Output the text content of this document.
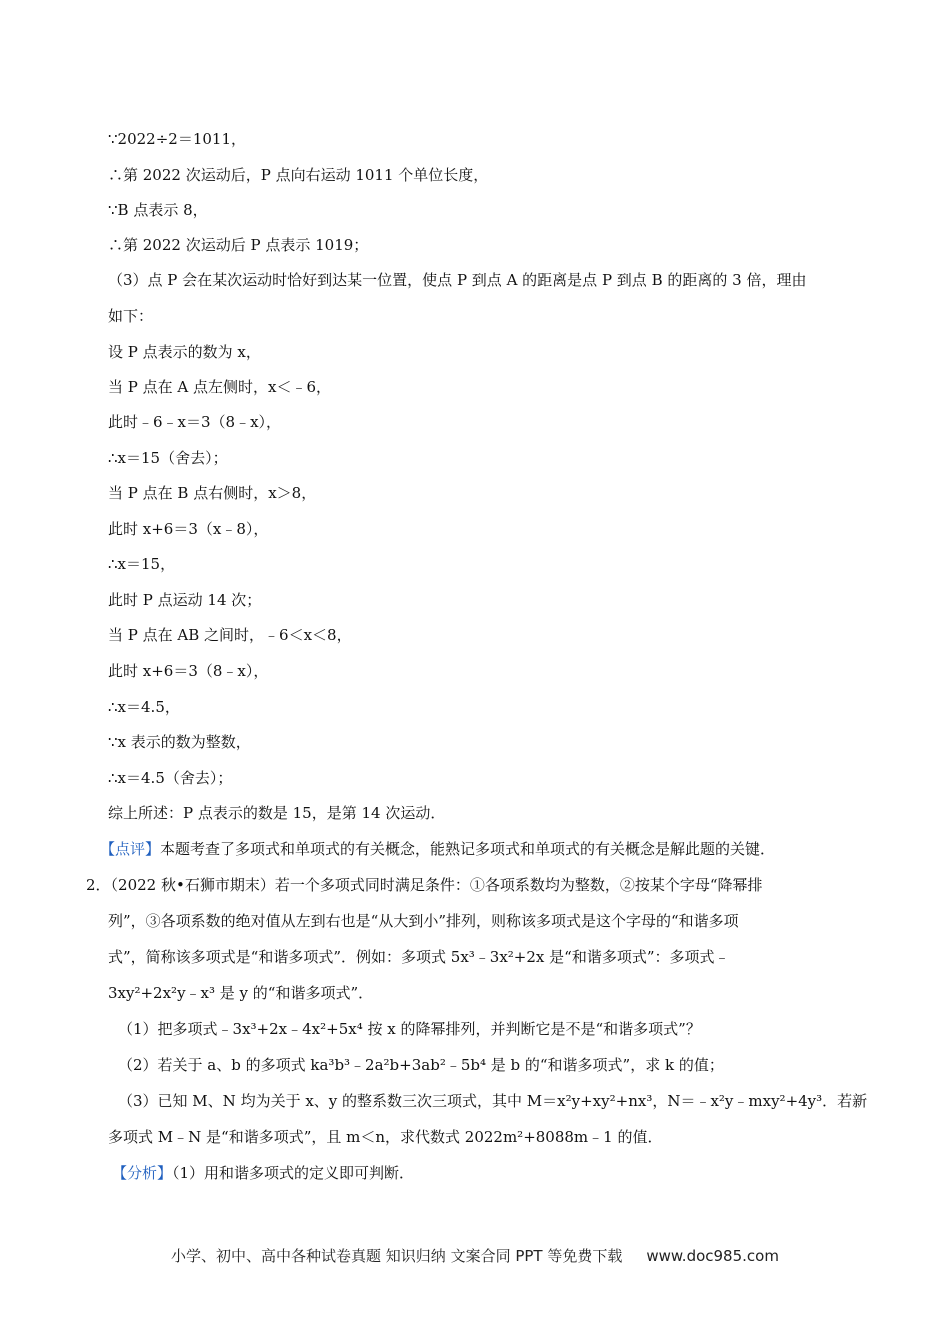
∵2022÷2＝1011，
∴第 2022 次运动后，P 点向右运动 1011 个单位长度，
∵B 点表示 8，
∴第 2022 次运动后 P 点表示 1019；
（3）点 P 会在某次运动时恰好到达某一位置，使点 P 到点 A 的距离是点 P 到点 B 的距离的 3 倍，理由
如下：
设 P 点表示的数为 x，
当 P 点在 A 点左侧时，x＜﹣6，
此时﹣6﹣x＝3（8﹣x），
∴x＝15（舍去）；
当 P 点在 B 点右侧时，x＞8，
此时 x+6＝3（x﹣8），
∴x＝15，
此时 P 点运动 14 次；
当 P 点在 AB 之间时，﹣6＜x＜8，
此时 x+6＝3（8﹣x），
∴x＝4.5，
∵x 表示的数为整数，
∴x＝4.5（舍去）；
综上所述：P 点表示的数是 15，是第 14 次运动．
【点评】本题考查了多项式和单项式的有关概念，能熟记多项式和单项式的有关概念是解此题的关键．
2．（2022 秋•石狮市期末）若一个多项式同时满足条件：①各项系数均为整数，②按某个字母“降幂排
列”，③各项系数的绝对值从左到右也是“从大到小”排列，则称该多项式是这个字母的“和谐多项
式”，简称该多项式是“和谐多项式”．例如：多项式 5x³﹣3x²+2x 是“和谐多项式”：多项式﹣
3xy²+2x²y﹣x³ 是 y 的“和谐多项式”．
（1）把多项式﹣3x³+2x﹣4x²+5x⁴ 按 x 的降幂排列，并判断它是不是“和谐多项式”？
（2）若关于 a、b 的多项式 ka³b³﹣2a²b+3ab²﹣5b⁴ 是 b 的“和谐多项式”，求 k 的值；
（3）已知 M、N 均为关于 x、y 的整系数三次三项式，其中 M＝x²y+xy²+nx³，N＝﹣x²y﹣mxy²+4y³．若新
多项式 M﹣N 是“和谐多项式”，且 m＜n，求代数式 2022m²+8088m﹣1 的值．
【分析】（1）用和谐多项式的定义即可判断．
小学、初中、高中各种试卷真题 知识归纳 文案合同 PPT 等免费下载 www.doc985.com
